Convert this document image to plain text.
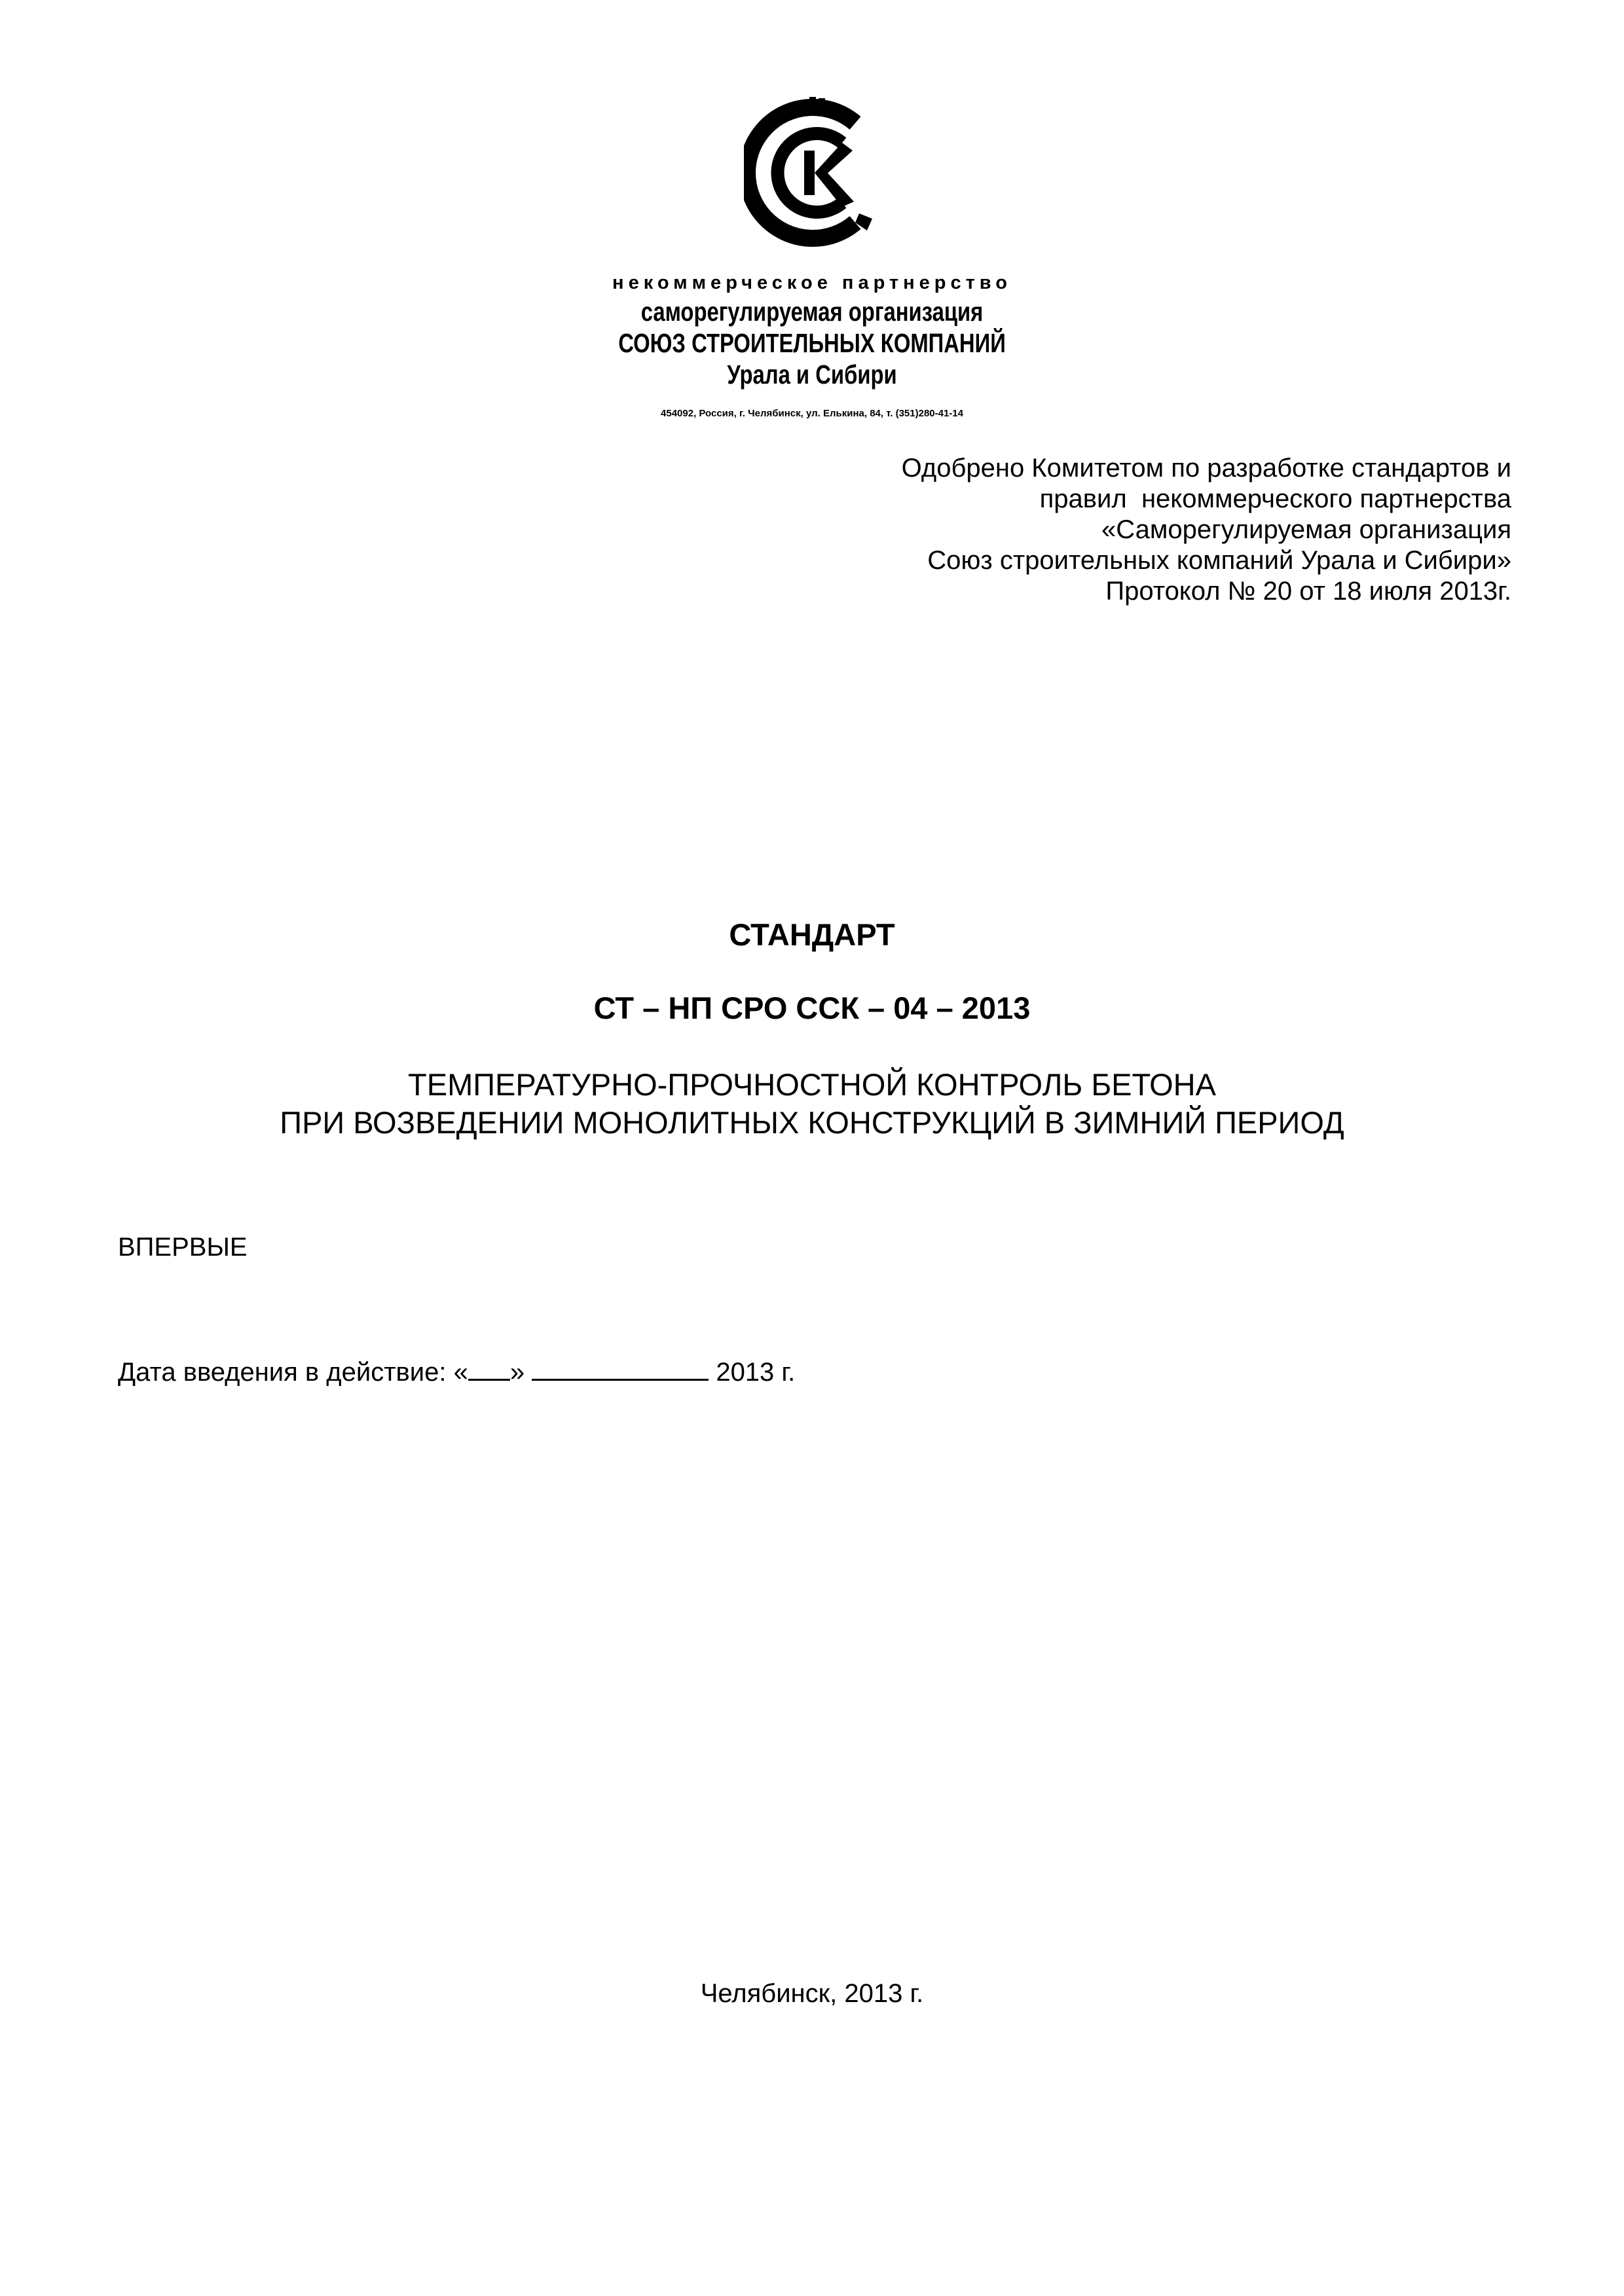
некоммерческое партнерство
саморегулируемая организация
СОЮЗ СТРОИТЕЛЬНЫХ КОМПАНИЙ
Урала и Сибири
454092, Россия, г. Челябинск, ул. Елькина, 84, т. (351)280-41-14
Одобрено Комитетом по разработке стандартов и
правил  некоммерческого партнерства
«Саморегулируемая организация
Союз строительных компаний Урала и Сибири»
Протокол № 20 от 18 июля 2013г.
СТАНДАРТ
СТ – НП СРО ССК – 04 – 2013
ТЕМПЕРАТУРНО-ПРОЧНОСТНОЙ КОНТРОЛЬ БЕТОНА
ПРИ ВОЗВЕДЕНИИ МОНОЛИТНЫХ КОНСТРУКЦИЙ В ЗИМНИЙ ПЕРИОД
ВПЕРВЫЕ
Дата введения в действие: « »	2013 г.
Челябинск, 2013 г.
